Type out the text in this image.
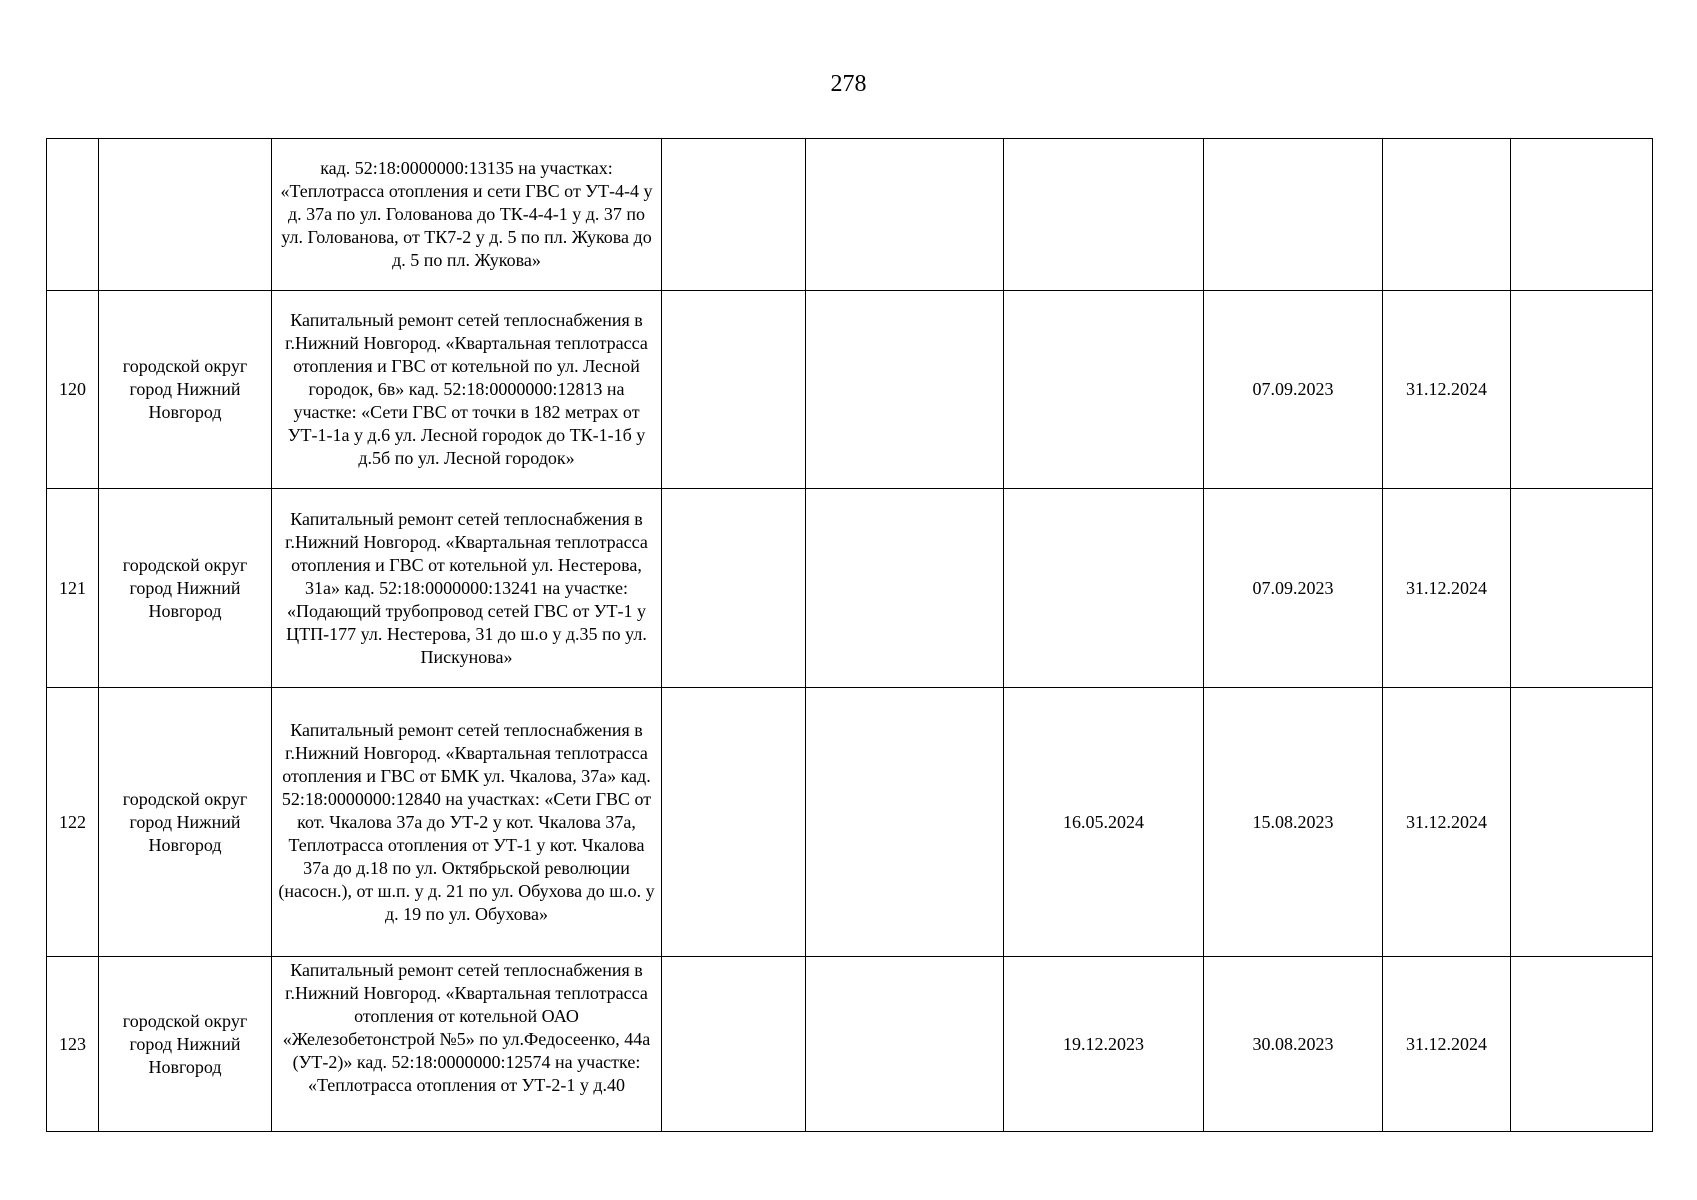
278
		кад. 52:18:0000000:13135 на участках: «Теплотрасса отопления и сети ГВС от УТ-4-4 у д. 37а по ул. Голованова до ТК-4-4-1 у д. 37 по ул. Голованова, от ТК7-2 у д. 5 по пл. Жукова до д. 5 по пл. Жукова»						
120	городской округ город Нижний Новгород	Капитальный ремонт сетей теплоснабжения в г.Нижний Новгород. «Квартальная теплотрасса отопления и ГВС от котельной по ул. Лесной городок, 6в» кад. 52:18:0000000:12813 на участке: «Сети ГВС от точки в 182 метрах от УТ-1-1а у д.6 ул. Лесной городок до ТК-1-1б у д.5б по ул. Лесной городок»				07.09.2023	31.12.2024	
121	городской округ город Нижний Новгород	Капитальный ремонт сетей теплоснабжения в г.Нижний Новгород. «Квартальная теплотрасса отопления и ГВС от котельной ул. Нестерова, 31а» кад. 52:18:0000000:13241 на участке: «Подающий трубопровод сетей ГВС от УТ-1 у ЦТП-177 ул. Нестерова, 31 до ш.о у д.35 по ул. Пискунова»				07.09.2023	31.12.2024	
122	городской округ город Нижний Новгород	Капитальный ремонт сетей теплоснабжения в г.Нижний Новгород. «Квартальная теплотрасса отопления и ГВС от БМК ул. Чкалова, 37а» кад. 52:18:0000000:12840 на участках: «Сети ГВС от кот. Чкалова 37а до УТ-2 у кот. Чкалова 37а, Теплотрасса отопления от УТ-1 у кот. Чкалова 37а до д.18 по ул. Октябрьской революции (насосн.), от ш.п. у д. 21 по ул. Обухова до ш.о. у д. 19 по ул. Обухова»			16.05.2024	15.08.2023	31.12.2024	
123	городской округ город Нижний Новгород	Капитальный ремонт сетей теплоснабжения в г.Нижний Новгород. «Квартальная теплотрасса отопления от котельной ОАО «Железобетонстрой №5» по ул.Федосеенко, 44а (УТ-2)» кад. 52:18:0000000:12574 на участке: «Теплотрасса отопления от УТ-2-1 у д.40			19.12.2023	30.08.2023	31.12.2024	
